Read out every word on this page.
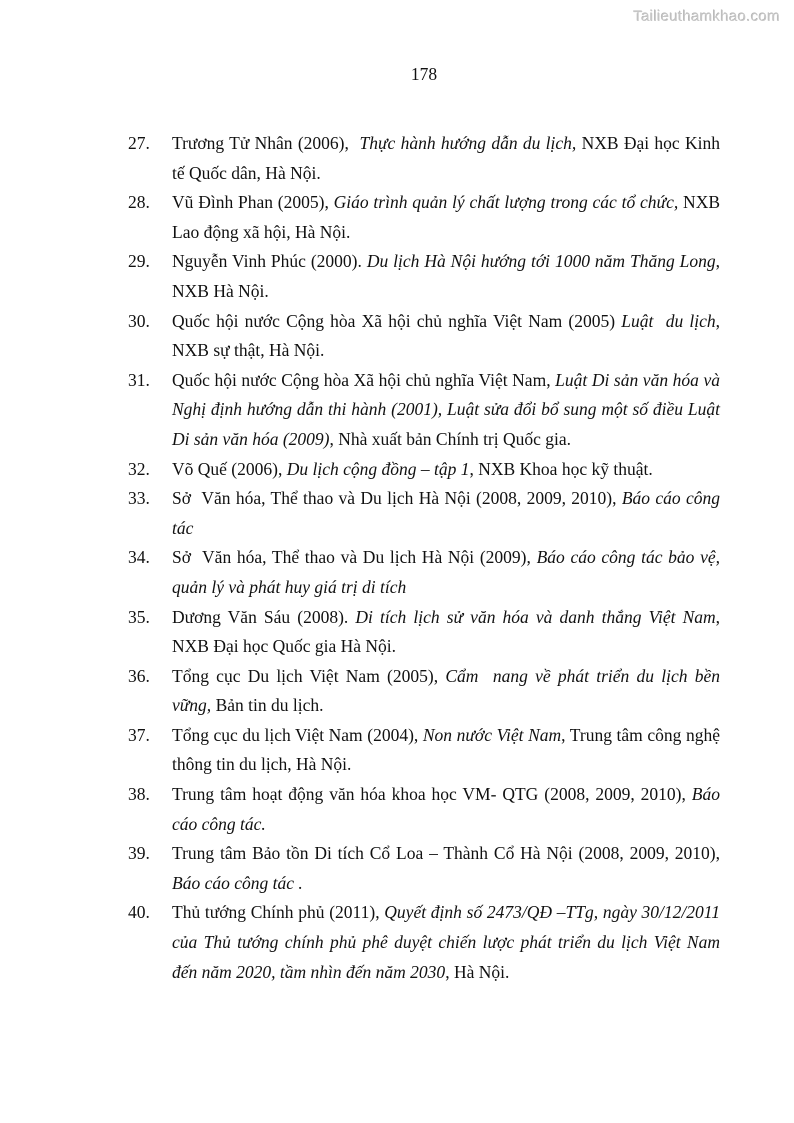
Tailieuthamkhao.com
178
27. Trương Tử Nhân (2006),  Thực hành hướng dẫn du lịch, NXB Đại học Kinh tế Quốc dân, Hà Nội.
28. Vũ Đình Phan (2005), Giáo trình quản lý chất lượng trong các tổ chức, NXB Lao động xã hội, Hà Nội.
29. Nguyễn Vinh Phúc (2000). Du lịch Hà Nội hướng tới 1000 năm Thăng Long, NXB Hà Nội.
30. Quốc hội nước Cộng hòa Xã hội chủ nghĩa Việt Nam (2005) Luật  du lịch, NXB sự thật, Hà Nội.
31. Quốc hội nước Cộng hòa Xã hội chủ nghĩa Việt Nam, Luật Di sản văn hóa và Nghị định hướng dẫn thi hành (2001), Luật sửa đổi bổ sung một số điều Luật Di sản văn hóa (2009), Nhà xuất bản Chính trị Quốc gia.
32. Võ Quế (2006), Du lịch cộng đồng – tập 1, NXB Khoa học kỹ thuật.
33. Sở  Văn hóa, Thể thao và Du lịch Hà Nội (2008, 2009, 2010), Báo cáo công tác
34. Sở  Văn hóa, Thể thao và Du lịch Hà Nội (2009), Báo cáo công tác bảo vệ, quản lý và phát huy giá trị di tích
35. Dương Văn Sáu (2008). Di tích lịch sử văn hóa và danh thắng Việt Nam, NXB Đại học Quốc gia Hà Nội.
36. Tổng cục Du lịch Việt Nam (2005), Cẩm  nang về phát triển du lịch bền vững, Bản tin du lịch.
37. Tổng cục du lịch Việt Nam (2004), Non nước Việt Nam, Trung tâm công nghệ thông tin du lịch, Hà Nội.
38. Trung tâm hoạt động văn hóa khoa học VM- QTG (2008, 2009, 2010), Báo cáo công tác.
39. Trung tâm Bảo tồn Di tích Cổ Loa – Thành Cổ Hà Nội (2008, 2009, 2010), Báo cáo công tác .
40. Thủ tướng Chính phủ (2011), Quyết định số 2473/QĐ –TTg, ngày 30/12/2011 của Thủ tướng chính phủ phê duyệt chiến lược phát triển du lịch Việt Nam đến năm 2020, tầm nhìn đến năm 2030, Hà Nội.
